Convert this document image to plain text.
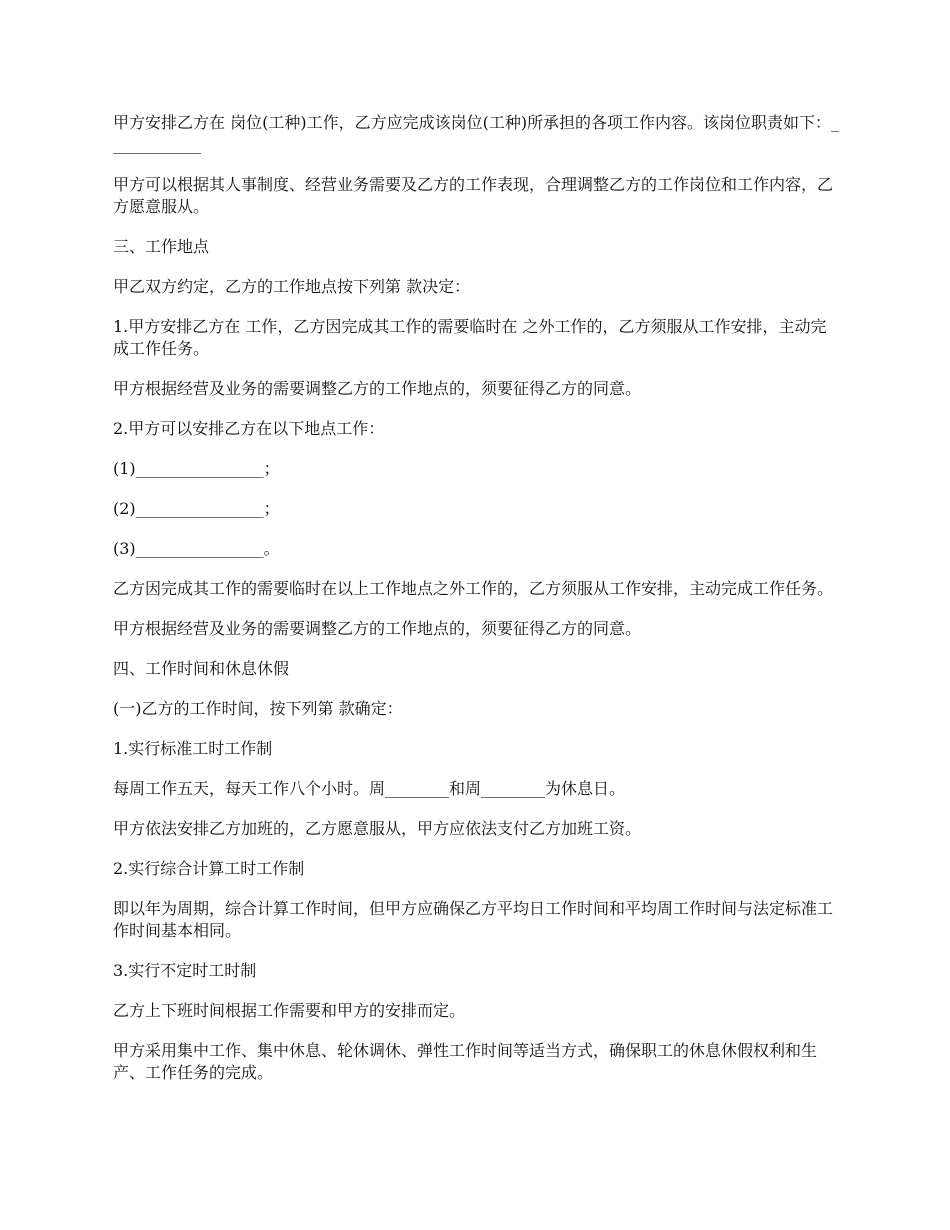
甲方安排乙方在 岗位(工种)工作，乙方应完成该岗位(工种)所承担的各项工作内容。该岗位职责如下：____________

甲方可以根据其人事制度、经营业务需要及乙方的工作表现，合理调整乙方的工作岗位和工作内容，乙方愿意服从。

三、工作地点

甲乙双方约定，乙方的工作地点按下列第 款决定：

1.甲方安排乙方在 工作，乙方因完成其工作的需要临时在 之外工作的，乙方须服从工作安排，主动完成工作任务。

甲方根据经营及业务的需要调整乙方的工作地点的，须要征得乙方的同意。

2.甲方可以安排乙方在以下地点工作：

(1)________________；

(2)________________；

(3)________________。

乙方因完成其工作的需要临时在以上工作地点之外工作的，乙方须服从工作安排，主动完成工作任务。

甲方根据经营及业务的需要调整乙方的工作地点的，须要征得乙方的同意。

四、工作时间和休息休假

(一)乙方的工作时间，按下列第 款确定：

1.实行标准工时工作制

每周工作五天，每天工作八个小时。周________和周________为休息日。

甲方依法安排乙方加班的，乙方愿意服从，甲方应依法支付乙方加班工资。

2.实行综合计算工时工作制

即以年为周期，综合计算工作时间，但甲方应确保乙方平均日工作时间和平均周工作时间与法定标准工作时间基本相同。

3.实行不定时工时制

乙方上下班时间根据工作需要和甲方的安排而定。

甲方采用集中工作、集中休息、轮休调休、弹性工作时间等适当方式，确保职工的休息休假权利和生产、工作任务的完成。
